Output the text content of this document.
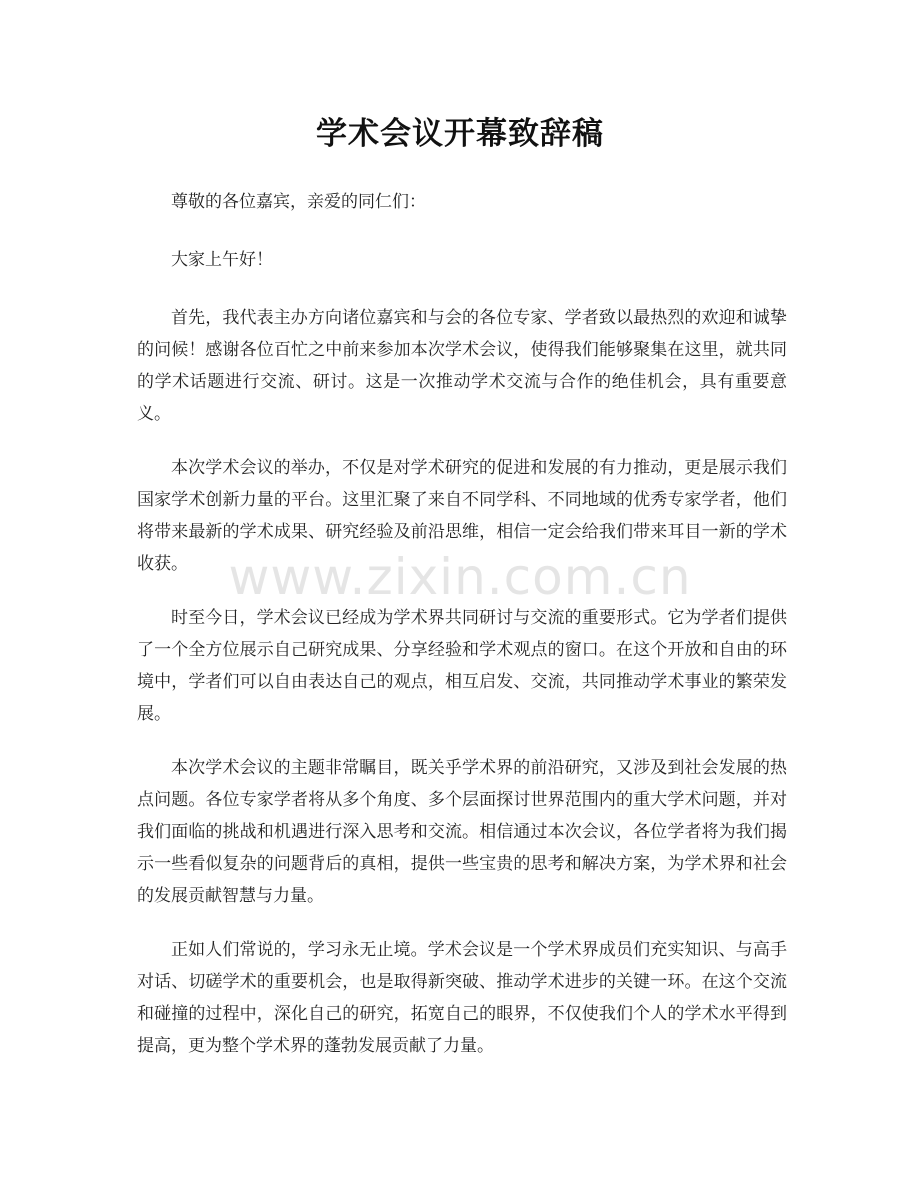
学术会议开幕致辞稿

尊敬的各位嘉宾，亲爱的同仁们：

大家上午好！

首先，我代表主办方向诸位嘉宾和与会的各位专家、学者致以最热烈的欢迎和诚挚的问候！感谢各位百忙之中前来参加本次学术会议，使得我们能够聚集在这里，就共同的学术话题进行交流、研讨。这是一次推动学术交流与合作的绝佳机会，具有重要意义。

本次学术会议的举办，不仅是对学术研究的促进和发展的有力推动，更是展示我们国家学术创新力量的平台。这里汇聚了来自不同学科、不同地域的优秀专家学者，他们将带来最新的学术成果、研究经验及前沿思维，相信一定会给我们带来耳目一新的学术收获。

时至今日，学术会议已经成为学术界共同研讨与交流的重要形式。它为学者们提供了一个全方位展示自己研究成果、分享经验和学术观点的窗口。在这个开放和自由的环境中，学者们可以自由表达自己的观点，相互启发、交流，共同推动学术事业的繁荣发展。

本次学术会议的主题非常瞩目，既关乎学术界的前沿研究，又涉及到社会发展的热点问题。各位专家学者将从多个角度、多个层面探讨世界范围内的重大学术问题，并对我们面临的挑战和机遇进行深入思考和交流。相信通过本次会议，各位学者将为我们揭示一些看似复杂的问题背后的真相，提供一些宝贵的思考和解决方案，为学术界和社会的发展贡献智慧与力量。

正如人们常说的，学习永无止境。学术会议是一个学术界成员们充实知识、与高手对话、切磋学术的重要机会，也是取得新突破、推动学术进步的关键一环。在这个交流和碰撞的过程中，深化自己的研究，拓宽自己的眼界，不仅使我们个人的学术水平得到提高，更为整个学术界的蓬勃发展贡献了力量。

www.zixin.com.cn
